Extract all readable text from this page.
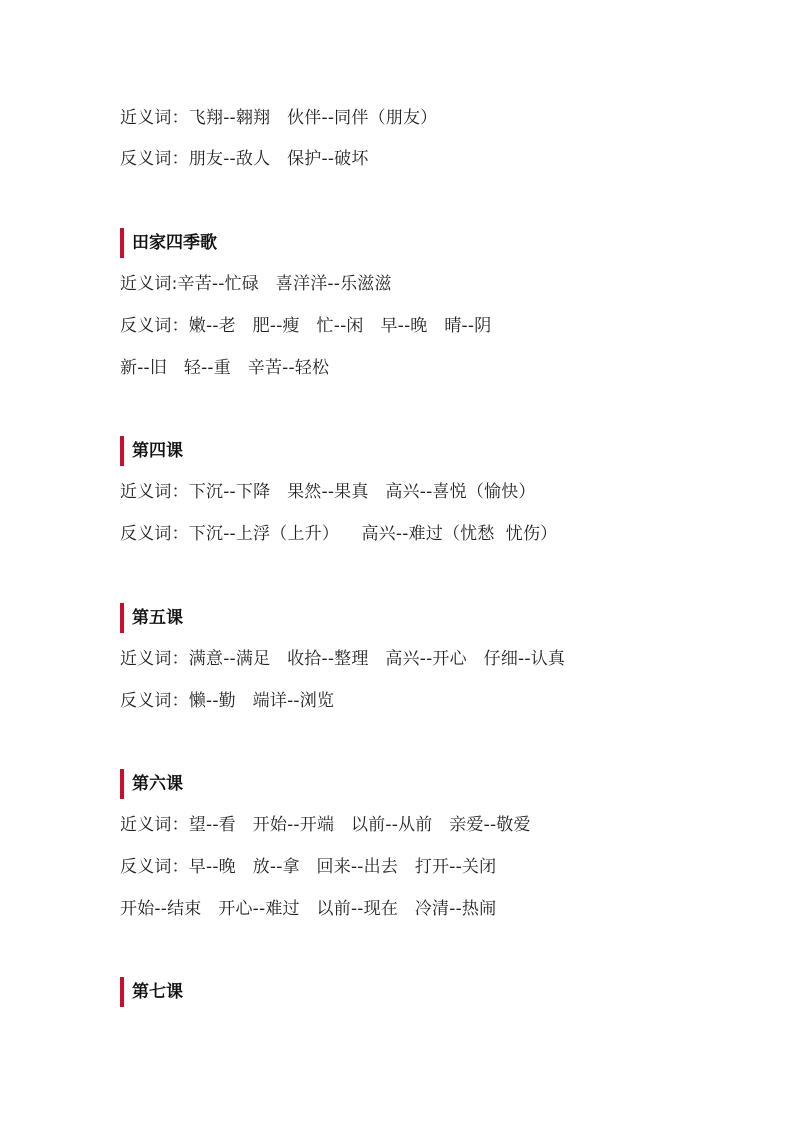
近义词：飞翔--翱翔   伙伴--同伴（朋友）
反义词：朋友--敌人   保护--破坏
田家四季歌
近义词:辛苦--忙碌   喜洋洋--乐滋滋
反义词：嫩--老   肥--瘦   忙--闲   早--晚   晴--阴
新--旧   轻--重   辛苦--轻松
第四课
近义词：下沉--下降   果然--果真   高兴--喜悦（愉快）
反义词：下沉--上浮（上升）    高兴--难过（忧愁  忧伤）
第五课
近义词：满意--满足   收拾--整理   高兴--开心   仔细--认真
反义词：懒--勤   端详--浏览
第六课
近义词：望--看   开始--开端   以前--从前   亲爱--敬爱
反义词：早--晚   放--拿   回来--出去   打开--关闭
开始--结束   开心--难过   以前--现在   冷清--热闹
第七课
